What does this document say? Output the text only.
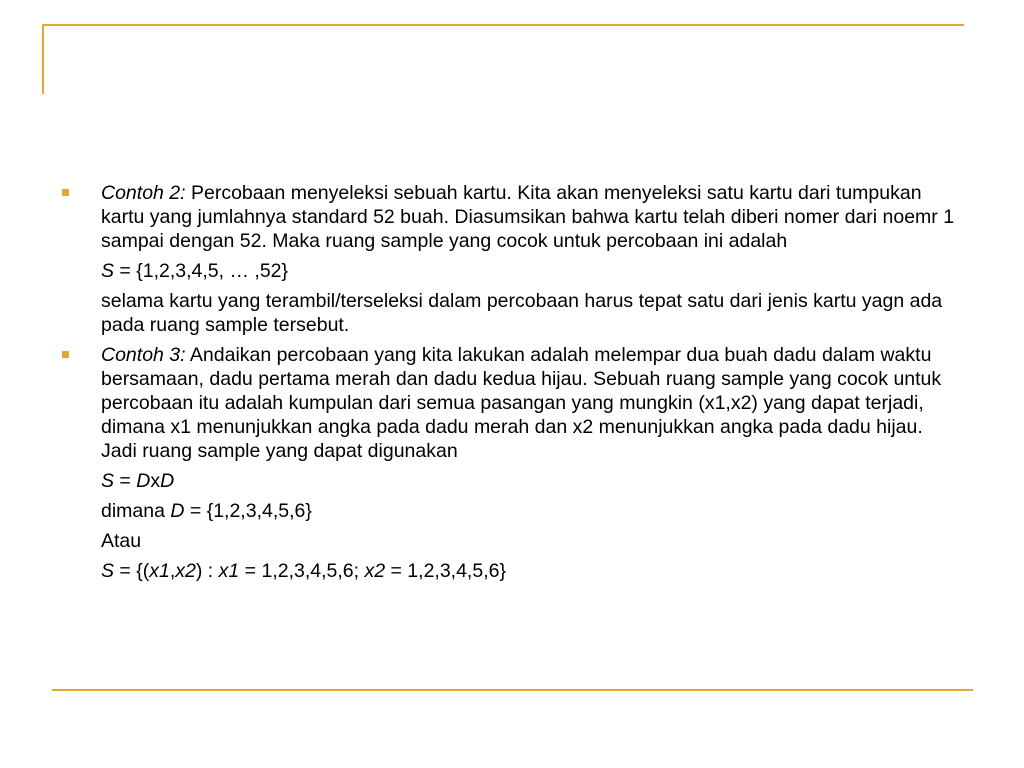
Contoh 2: Percobaan menyeleksi sebuah kartu. Kita akan menyeleksi satu kartu dari tumpukan kartu yang jumlahnya standard 52 buah. Diasumsikan bahwa kartu telah diberi nomer dari noemr 1 sampai dengan 52. Maka ruang sample yang cocok untuk percobaan ini adalah
S = {1,2,3,4,5, … ,52}
selama kartu yang terambil/terseleksi dalam percobaan harus tepat satu dari jenis kartu yagn ada pada ruang sample tersebut.
Contoh 3: Andaikan percobaan yang kita lakukan adalah melempar dua buah dadu dalam waktu bersamaan, dadu pertama merah dan dadu kedua hijau. Sebuah ruang sample yang cocok untuk percobaan itu adalah kumpulan dari semua pasangan yang mungkin (x1,x2) yang dapat terjadi, dimana x1 menunjukkan angka pada dadu merah dan x2 menunjukkan angka pada dadu hijau. Jadi ruang sample yang dapat digunakan
S = DxD
dimana D = {1,2,3,4,5,6}
Atau
S = {(x1,x2) : x1 = 1,2,3,4,5,6; x2 = 1,2,3,4,5,6}
